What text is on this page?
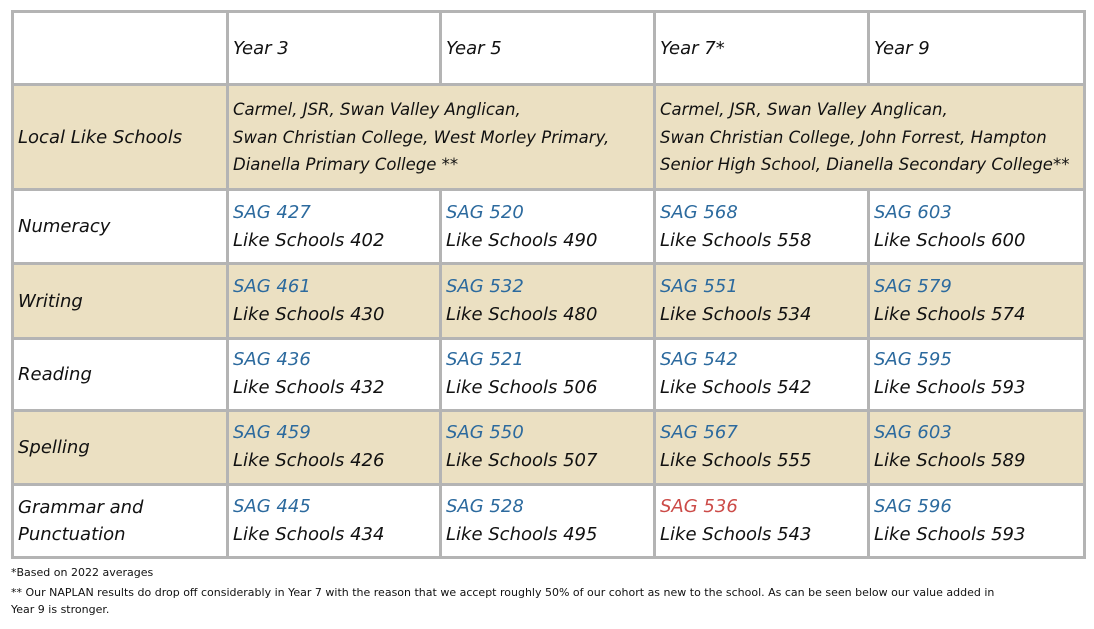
	Year 3	Year 5	Year 7*	Year 9
Local Like Schools	Carmel, JSR, Swan Valley Anglican,
Swan Christian College, West Morley Primary,
Dianella Primary College **		Carmel, JSR, Swan Valley Anglican,
Swan Christian College, John Forrest, Hampton
Senior High School, Dianella Secondary College**	

Numeracy	SAG 427
Like Schools 402	SAG 520
Like Schools 490	SAG 568
Like Schools 558	SAG 603
Like Schools 600

Writing	SAG 461
Like Schools 430	SAG 532
Like Schools 480	SAG 551
Like Schools 534	SAG 579
Like Schools 574

Reading	SAG 436
Like Schools 432	SAG 521
Like Schools 506	SAG 542
Like Schools 542	SAG 595
Like Schools 593

Spelling	SAG 459
Like Schools 426	SAG 550
Like Schools 507	SAG 567
Like Schools 555	SAG 603
Like Schools 589

Grammar and
Punctuation	SAG 445
Like Schools 434	SAG 528
Like Schools 495	SAG 536
Like Schools 543	SAG 596
Like Schools 593
*Based on 2022 averages
** Our NAPLAN results do drop off considerably in Year 7 with the reason that we accept roughly 50% of our cohort as new to the school. As can be seen below our value added in Year 9 is stronger.
